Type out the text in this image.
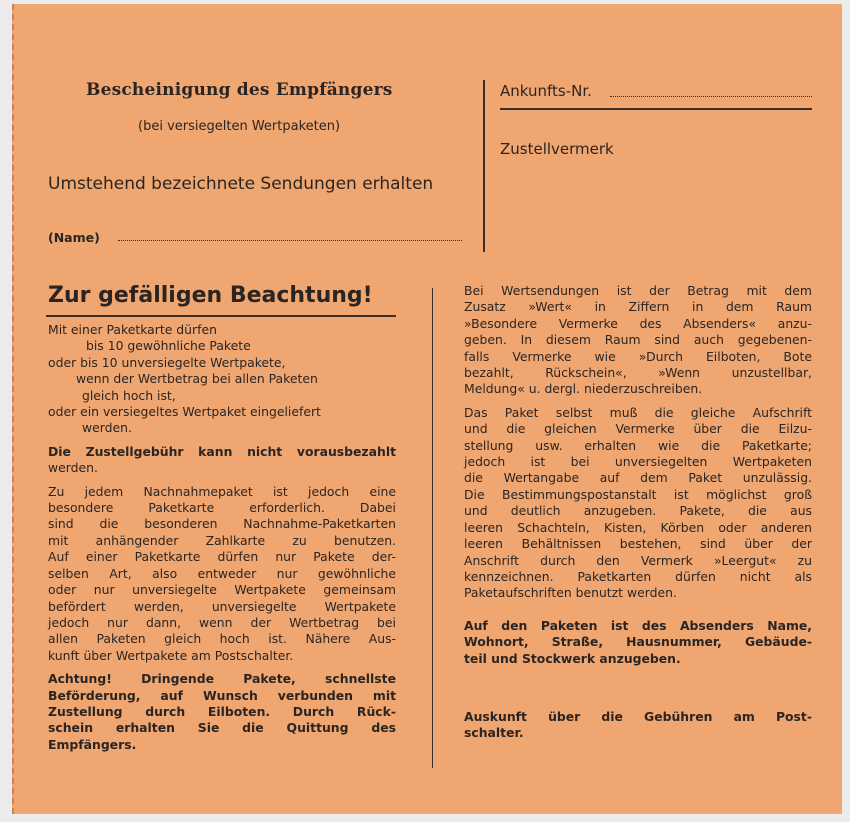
Bescheinigung des Empfängers
(bei versiegelten Wertpaketen)
Umstehend bezeichnete Sendungen erhalten
(Name)
Ankunfts-Nr.
Zustellvermerk
Zur gefälligen Beachtung!

Mit einer Paketkarte dürfen

bis 10 gewöhnliche Pakete

oder bis 10 unversiegelte Wertpakete,

wenn der Wertbetrag bei allen Paketen

gleich hoch ist,

oder ein versiegeltes Wertpaket eingeliefert

werden.

Die Zustellgebühr kann nicht vorausbezahlt

werden.

Zu jedem Nachnahmepaket ist jedoch eine

besondere Paketkarte erforderlich. Dabei

sind die besonderen Nachnahme-Paketkarten

mit anhängender Zahlkarte zu benutzen.

Auf einer Paketkarte dürfen nur Pakete der-

selben Art, also entweder nur gewöhnliche

oder nur unversiegelte Wertpakete gemeinsam

befördert werden, unversiegelte Wertpakete

jedoch nur dann, wenn der Wertbetrag bei

allen Paketen gleich hoch ist. Nähere Aus-

kunft über Wertpakete am Postschalter.

Achtung! Dringende Pakete, schnellste

Beförderung, auf Wunsch verbunden mit

Zustellung durch Eilboten. Durch Rück-

schein erhalten Sie die Quittung des

Empfängers.

Bei Wertsendungen ist der Betrag mit dem

Zusatz »Wert« in Ziffern in dem Raum

»Besondere Vermerke des Absenders« anzu-

geben. In diesem Raum sind auch gegebenen-

falls Vermerke wie »Durch Eilboten, Bote

bezahlt, Rückschein«, »Wenn unzustellbar,

Meldung« u. dergl. niederzuschreiben.

Das Paket selbst muß die gleiche Aufschrift

und die gleichen Vermerke über die Eilzu-

stellung usw. erhalten wie die Paketkarte;

jedoch ist bei unversiegelten Wertpaketen

die Wertangabe auf dem Paket unzulässig.

Die Bestimmungspostanstalt ist möglichst groß

und deutlich anzugeben. Pakete, die aus

leeren Schachteln, Kisten, Körben oder anderen

leeren Behältnissen bestehen, sind über der

Anschrift durch den Vermerk »Leergut« zu

kennzeichnen. Paketkarten dürfen nicht als

Paketaufschriften benutzt werden.

Auf den Paketen ist des Absenders Name,

Wohnort, Straße, Hausnummer, Gebäude-

teil und Stockwerk anzugeben.

Auskunft über die Gebühren am Post-

schalter.
